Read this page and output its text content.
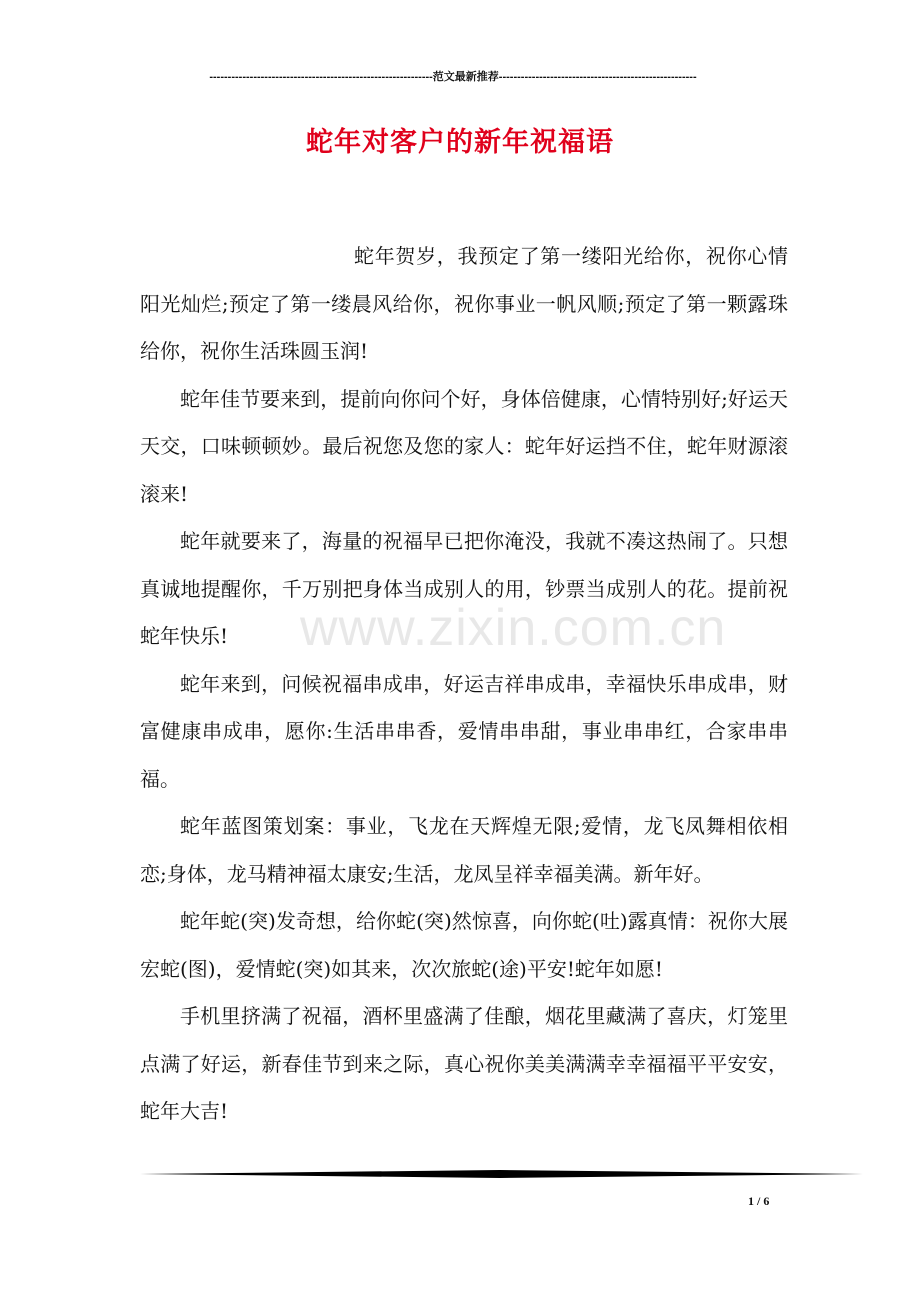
-------------------------------------------------------------范文最新推荐------------------------------------------------------
蛇年对客户的新年祝福语

蛇年贺岁，我预定了第一缕阳光给你，祝你心情阳光灿烂;预定了第一缕晨风给你，祝你事业一帆风顺;预定了第一颗露珠给你，祝你生活珠圆玉润!

蛇年佳节要来到，提前向你问个好，身体倍健康，心情特别好;好运天天交，口味顿顿妙。最后祝您及您的家人：蛇年好运挡不住，蛇年财源滚滚来!

蛇年就要来了，海量的祝福早已把你淹没，我就不凑这热闹了。只想真诚地提醒你，千万别把身体当成别人的用，钞票当成别人的花。提前祝蛇年快乐!

蛇年来到，问候祝福串成串，好运吉祥串成串，幸福快乐串成串，财富健康串成串，愿你:生活串串香，爱情串串甜，事业串串红，合家串串福。

蛇年蓝图策划案：事业，飞龙在天辉煌无限;爱情，龙飞凤舞相依相恋;身体，龙马精神福太康安;生活，龙凤呈祥幸福美满。新年好。

蛇年蛇(突)发奇想，给你蛇(突)然惊喜，向你蛇(吐)露真情：祝你大展宏蛇(图)，爱情蛇(突)如其来，次次旅蛇(途)平安!蛇年如愿!

手机里挤满了祝福，酒杯里盛满了佳酿，烟花里藏满了喜庆，灯笼里点满了好运，新春佳节到来之际，真心祝你美美满满幸幸福福平平安安，蛇年大吉!

www.zixin.com.cn
1 / 6
